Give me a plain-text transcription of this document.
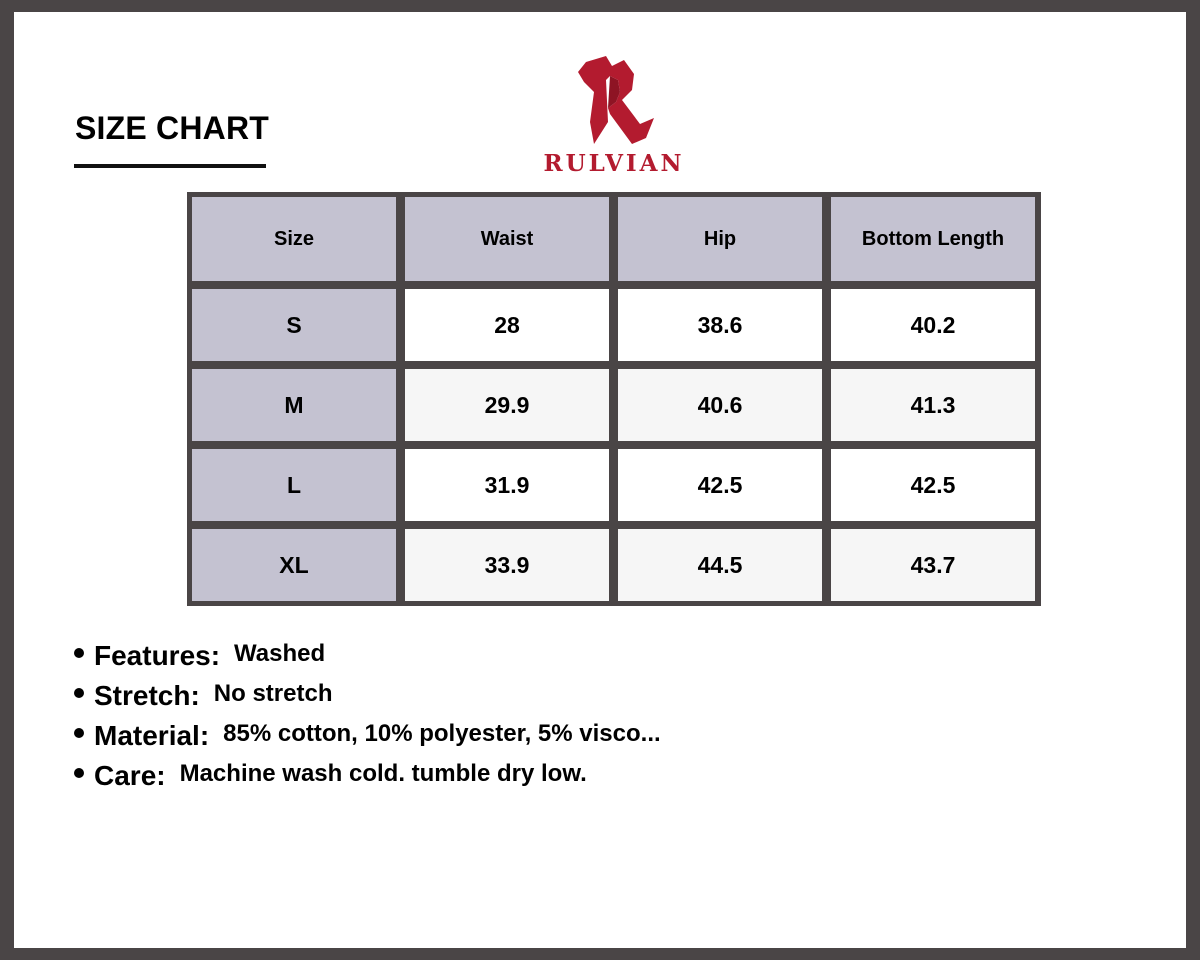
SIZE CHART
RULVIAN
Size	Waist	Hip	Bottom Length
S	28	38.6	40.2
M	29.9	40.6	41.3
L	31.9	42.5	42.5
XL	33.9	44.5	43.7
Features: Washed
Stretch: No stretch
Material: 85% cotton, 10% polyester, 5% visco...
Care: Machine wash cold. tumble dry low.
